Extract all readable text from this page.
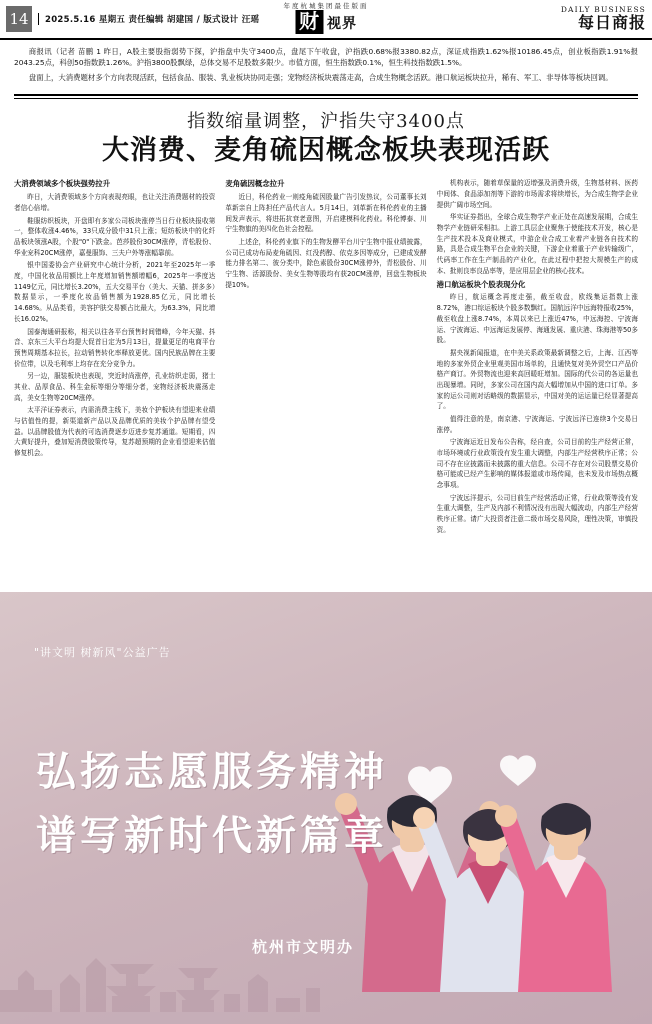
14	2025.5.16 星期五 责任编辑 胡建国 / 版式设计 汪瑶
年度杭城集团最佳版面
财 视界
DAILY BUSINESS
每日商报

商报讯（记者 苗鹏 1 昨日，A股主要股指弱势下探，沪指盘中失守3400点，盘尾下午收盘，沪指跌0.68%报3380.82点，深证成指跌1.62%报10186.45点，创业板指跌1.91%报2043.25点，科创50指数跌1.26%。沪指3800股飘绿，总体交易不足股数多限少。市值方面，恒生指数跌0.1%，恒生科技指数跌1.5%。

盘面上，大消费题材多个方向表现活跃，包括食品、服装、乳业板块协同走强；宠物经济板块震荡走高，合成生物概念活跃。港口航运板块拉升，稀有、军工、非导体等板块回调。

指数缩量调整，沪指失守3400点
大消费、麦角硫因概念板块表现活跃

大消费领域多个板块强势拉升

昨日，大消费领域多个方向表现亮眼，也让关注消费题材的投资者信心倍增。

鞋服纺织板块，开盘即有多家公司板块涨停当日行业板块报收第一，整体收涨4.46%，33只成分股中31只上涨；短纺板块中的化纤品板块领涨A股，个股"0"下跌金。芭莎股份30CM涨停，青松股份、华业宠科20CM涨停，嘉曼服饰、三夫户外等涨幅靠前。

银中国委协会产业研究中心统计分析，2021年至2025年一季度，中国化妆品用额比上年度增加销售额增幅6，2025年一季度达1149亿元，同比增长3.20%，五大交易平台（美大、天猫、拼多多）数据显示，一季度化妆品销售额为1928.85亿元，同比增长14.68%。从品类看，美容护肤交易额占比最大，为63.3%，同比增长16.02%。

国泰海通研报称，相关以往各平台预售时间错峰，今年天猫、抖音、京东三大平台均提大促首日定为5月13日，提量更足的电商平台预售周期基本拉长，拉动销售转化率释放更优。国内民族品牌在主要价位带，以及毛利率上均存在充分竞争力。

另一边，服装板块也表现，突近时尚涨停，孔业纺织走弱，猪士其业、品厚食品、科生金标等细分等细分者，宠物经济板块震荡走高，美女生物等20CM涨停。

太平洋证券表示，内需消费主线下，美妆个护板块有望迎来业绩与估值性的提，新渠道新产品以及品牌优质的美妆个护品牌有望受益。以品牌股值为代表的可选消费逐步迈进步复苏通道。短期看，四大黄好提升，叠加短消费胶策传导，复苏超预期的企业看望迎来估值修复机会。

麦角硫因概念拉升

近日，科伦药业一则疫角硫因股量广告引发热议，公司董事长刘革新亲自上阵担任产品代言人。5月14日，刘革新在科伦药业的主播间发声表示，将进拓抗衰老意图，开启建模科化药业。科伦博泰、川宁生物旗的美四化色社会控程。

上述企，科伦药业旗下的生物发酵平台川宁生物中报业绩披露，公司已成功布局麦角硫因、红没药醇、依克多因等成分，已建成发酵能力排名第二、彼分类中，除色素股份30CM涨停外，青松股份、川宁生物、活源股份、美女生物等股均有获20CM涨停，回盘生物板块提10%。

机构表示，随着草保量的迈增强及消费升级，生物基材料、医药中间体、食品添加剂等下游的市场需求将续增长，为合成生物学企业提供广阔市场空间。

华实证券指出，全球合成生物学产业正处在高速发展期，合成生物学产业链研采相扣。上游工具层企业聚焦于使能技术开发，核心是生产技术投本及商业模式，中游企业合成工业着产业链各自技术的路，具是合成生物平台企业的关键，下游企业着重于产业转输级广，代码率工作在生产制品的产业化，在此过程中把控大规模生产的成本、批则良率良品率等，是应用层企业的核心技术。

港口航运板块个股表现分化

昨日，航运概念再度走强，截至收盘，欧线集运指数上涨8.72%，港口综运板块个股多数飘红。国航远洋中远海特报收25%，截至收盘上涨8.74%，本周以来已上涨近47%，中远海控、宁波海运、宁波海运、中远海运发展停、海通发展、重庆港、珠海港等50多股。

据央视新闻报道，在中美关系政策最新调整之后，上海、江西等地的多家外贸企业里观美国市场单的，且通快复对美外贸空口产品价格产商订。外贸物流也迎来高回暖旺增加。国际的代公司的各运量也出现暴增。同时，多家公司在国内高大幅增加从中国的进口订单。多家的运公司则对话略级的数据显示，中国对美的运运量已经显著提高了。

值得注意的是，南京港、宁波海运、宁波远洋已连续3个交易日涨停。

宁波海运近日发布公告称，经自查，公司目前的生产经营正常，市场环境或行业政策没有发生重大调整，内部生产经营秩序正常；公司不存在应披露而未披露的重大信息。公司不存在对公司股票交易价格可能或已经产生影响的媒体报道或市场传闻，也未发及市场热点概念事项。

宁波远洋提示，公司目前生产经营活动正常，行业政策等没有发生重大调整，生产及内部不利情况没有出现大幅波动，内部生产经营秩序正常。请广大投资者注意二级市场交易风险，理性决策，审慎投资。

"讲文明 树新风"公益广告
弘扬志愿服务精神
谱写新时代新篇章
杭州市文明办
